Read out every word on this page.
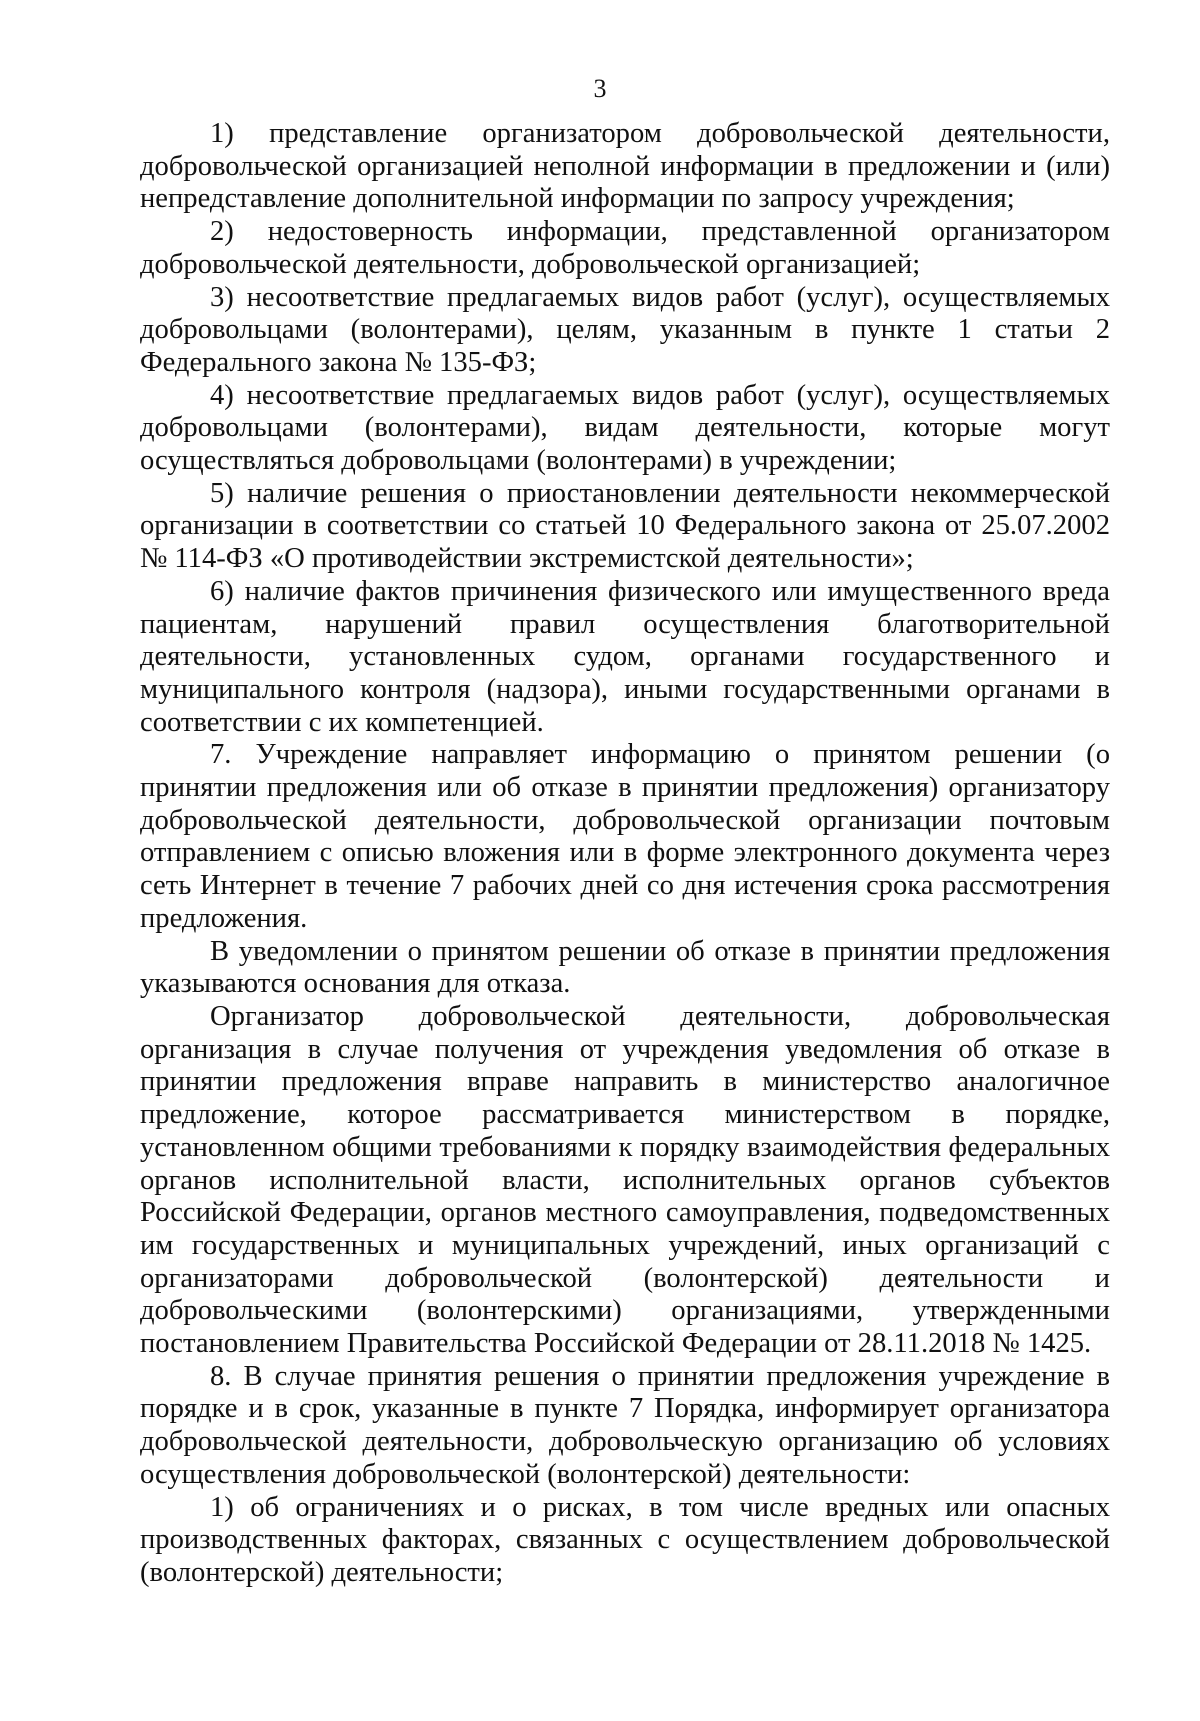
3

1) представление организатором добровольческой деятельности, добровольческой организацией неполной информации в предложении и (или) непредставление дополнительной информации по запросу учреждения;

2) недостоверность информации, представленной организатором добровольческой деятельности, добровольческой организацией;

3) несоответствие предлагаемых видов работ (услуг), осуществляемых добровольцами (волонтерами), целям, указанным в пункте 1 статьи 2 Федерального закона № 135-ФЗ;

4) несоответствие предлагаемых видов работ (услуг), осуществляемых добровольцами (волонтерами), видам деятельности, которые могут осуществляться добровольцами (волонтерами) в учреждении;

5) наличие решения о приостановлении деятельности некоммерческой организации в соответствии со статьей 10 Федерального закона от 25.07.2002 № 114-ФЗ «О противодействии экстремистской деятельности»;

6) наличие фактов причинения физического или имущественного вреда пациентам, нарушений правил осуществления благотворительной деятельности, установленных судом, органами государственного и муниципального контроля (надзора), иными государственными органами в соответствии с их компетенцией.

7. Учреждение направляет информацию о принятом решении (о принятии предложения или об отказе в принятии предложения) организатору добровольческой деятельности, добровольческой организации почтовым отправлением с описью вложения или в форме электронного документа через сеть Интернет в течение 7 рабочих дней со дня истечения срока рассмотрения предложения.

В уведомлении о принятом решении об отказе в принятии предложения указываются основания для отказа.

Организатор добровольческой деятельности, добровольческая организация в случае получения от учреждения уведомления об отказе в принятии предложения вправе направить в министерство аналогичное предложение, которое рассматривается министерством в порядке, установленном общими требованиями к порядку взаимодействия федеральных органов исполнительной власти, исполнительных органов субъектов Российской Федерации, органов местного самоуправления, подведомственных им государственных и муниципальных учреждений, иных организаций с организаторами добровольческой (волонтерской) деятельности и добровольческими (волонтерскими) организациями, утвержденными постановлением Правительства Российской Федерации от 28.11.2018 № 1425.

8. В случае принятия решения о принятии предложения учреждение в порядке и в срок, указанные в пункте 7 Порядка, информирует организатора добровольческой деятельности, добровольческую организацию об условиях осуществления добровольческой (волонтерской) деятельности:

1) об ограничениях и о рисках, в том числе вредных или опасных производственных факторах, связанных с осуществлением добровольческой (волонтерской) деятельности;
